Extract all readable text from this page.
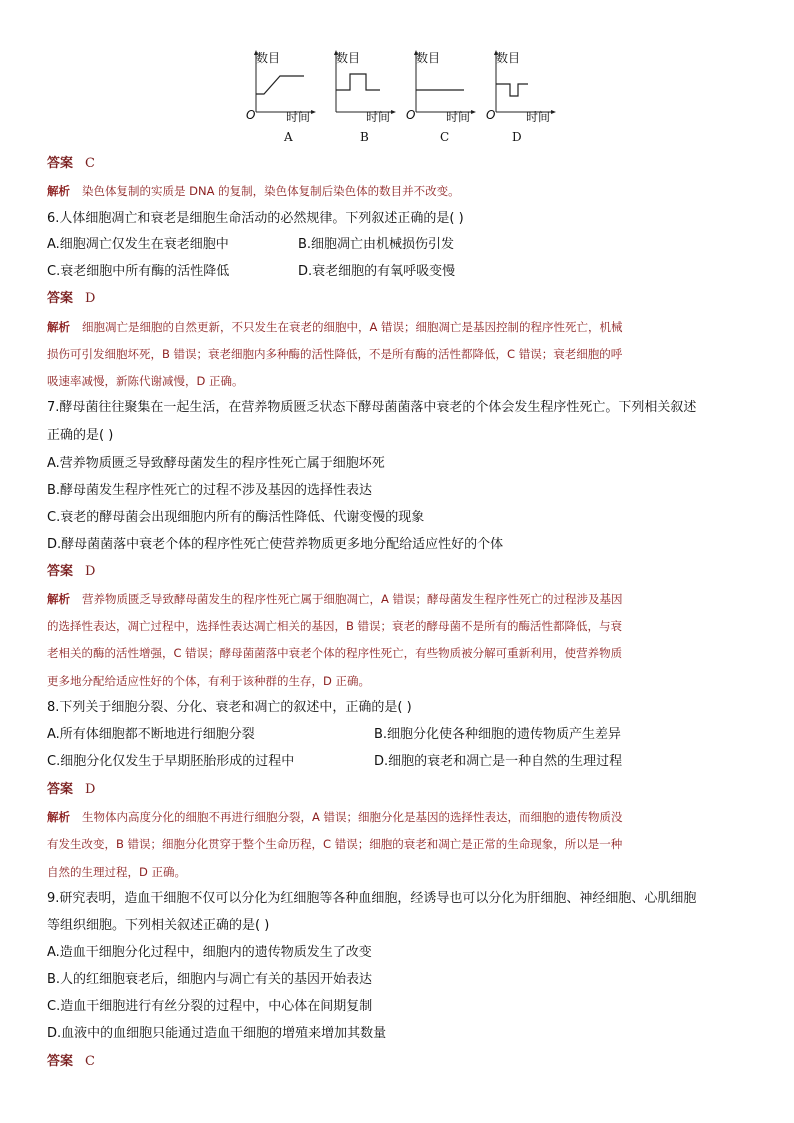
数目
时间
O
A
数目
时间
B
数目
时间
O
C
数目
时间
O
D
答案 C
解析 染色体复制的实质是 DNA 的复制，染色体复制后染色体的数目并不改变。
6.人体细胞凋亡和衰老是细胞生命活动的必然规律。下列叙述正确的是( )
A.细胞凋亡仅发生在衰老细胞中	B.细胞凋亡由机械损伤引发
C.衰老细胞中所有酶的活性降低	D.衰老细胞的有氧呼吸变慢
答案 D
解析 细胞凋亡是细胞的自然更新，不只发生在衰老的细胞中，A 错误；细胞凋亡是基因控制的程序性死亡，机械
损伤可引发细胞坏死，B 错误；衰老细胞内多种酶的活性降低，不是所有酶的活性都降低，C 错误；衰老细胞的呼
吸速率减慢，新陈代谢减慢，D 正确。
7.酵母菌往往聚集在一起生活，在营养物质匮乏状态下酵母菌菌落中衰老的个体会发生程序性死亡。下列相关叙述
正确的是( )
A.营养物质匮乏导致酵母菌发生的程序性死亡属于细胞坏死
B.酵母菌发生程序性死亡的过程不涉及基因的选择性表达
C.衰老的酵母菌会出现细胞内所有的酶活性降低、代谢变慢的现象
D.酵母菌菌落中衰老个体的程序性死亡使营养物质更多地分配给适应性好的个体
答案 D
解析 营养物质匮乏导致酵母菌发生的程序性死亡属于细胞凋亡，A 错误；酵母菌发生程序性死亡的过程涉及基因
的选择性表达，凋亡过程中，选择性表达凋亡相关的基因，B 错误；衰老的酵母菌不是所有的酶活性都降低，与衰
老相关的酶的活性增强，C 错误；酵母菌菌落中衰老个体的程序性死亡，有些物质被分解可重新利用，使营养物质
更多地分配给适应性好的个体，有利于该种群的生存，D 正确。
8.下列关于细胞分裂、分化、衰老和凋亡的叙述中，正确的是( )
A.所有体细胞都不断地进行细胞分裂	B.细胞分化使各种细胞的遗传物质产生差异
C.细胞分化仅发生于早期胚胎形成的过程中	D.细胞的衰老和凋亡是一种自然的生理过程
答案 D
解析 生物体内高度分化的细胞不再进行细胞分裂，A 错误；细胞分化是基因的选择性表达，而细胞的遗传物质没
有发生改变，B 错误；细胞分化贯穿于整个生命历程，C 错误；细胞的衰老和凋亡是正常的生命现象，所以是一种
自然的生理过程，D 正确。
9.研究表明，造血干细胞不仅可以分化为红细胞等各种血细胞，经诱导也可以分化为肝细胞、神经细胞、心肌细胞
等组织细胞。下列相关叙述正确的是( )
A.造血干细胞分化过程中，细胞内的遗传物质发生了改变
B.人的红细胞衰老后，细胞内与凋亡有关的基因开始表达
C.造血干细胞进行有丝分裂的过程中，中心体在间期复制
D.血液中的血细胞只能通过造血干细胞的增殖来增加其数量
答案 C
